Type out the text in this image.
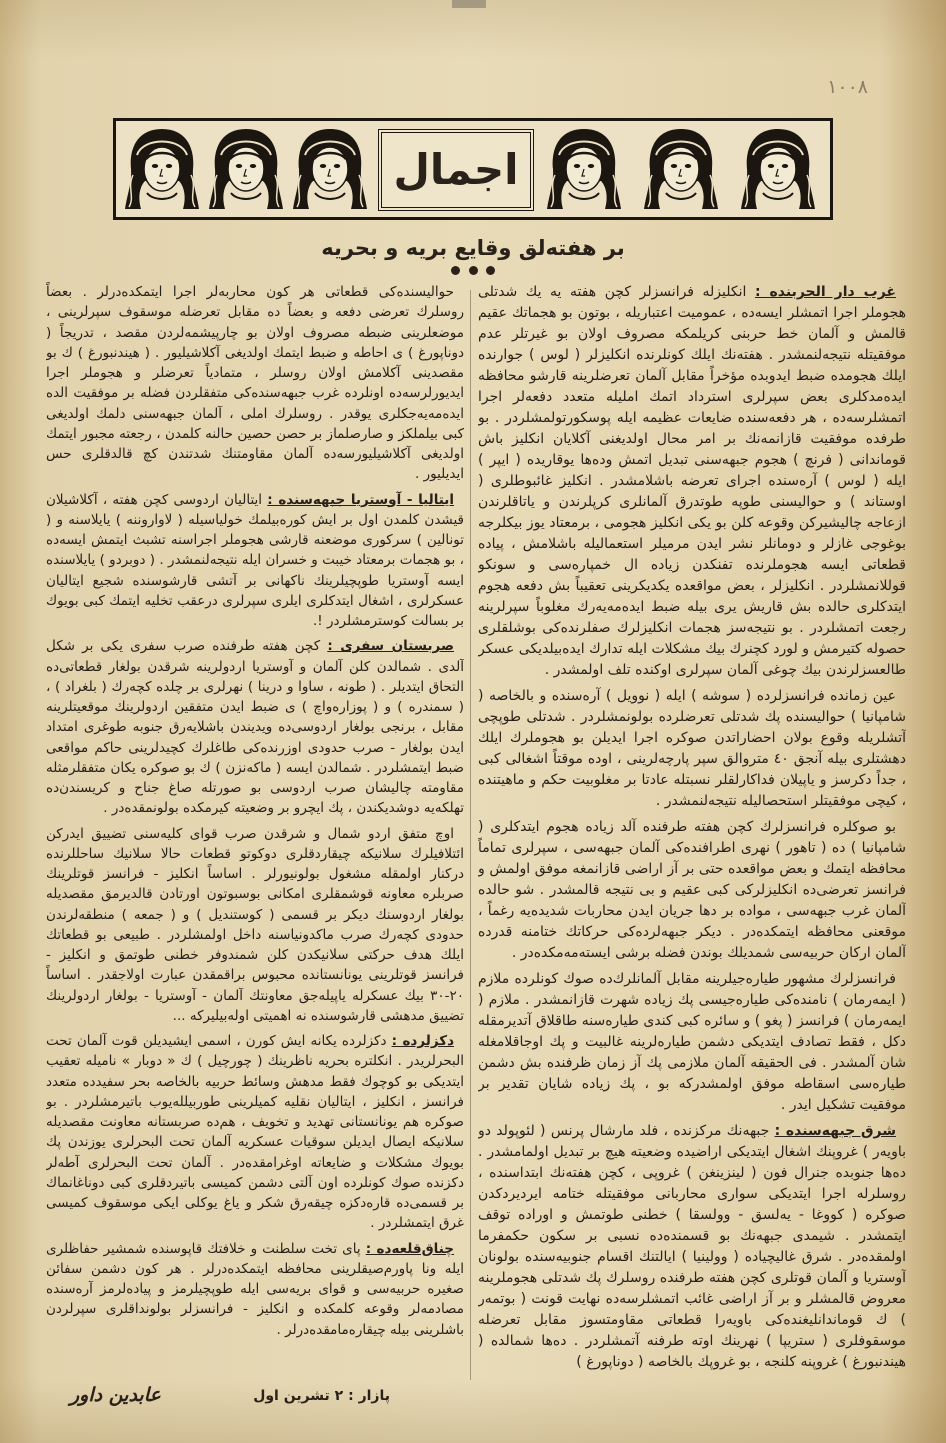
١٠٠٨
اجمال
بر هفته‌لق وقایع بریه و بحریه

غرب دار الحربنده : انكلیزله فرانسزلر كچن هفته یه یك شدتلی هجوملر اجرا اتمشلر ایسه‌ده ، عمومیت اعتباریله ، بوتون بو هجماتك عقیم قالمش و آلمان خط حربنی كریلمكه مصروف اولان بو غیرتلر عدم موفقیتله نتیجه‌لنمشدر . هفته‌نك ایلك كونلرنده انكلیزلر ( لوس ) جوارنده ایلك هجومده ضبط ایدوبده مؤخراً مقابل آلمان تعرضلرینه قارشو محافظه ایده‌مدكلری بعض سپرلری استرداد اتمك املیله متعدد دفعه‌لر اجرا اتمشلرسه‌ده ، هر دفعه‌سنده ضایعات عظیمه ایله پوسكورتولمشلردر . بو طرفده موفقیت قازانمه‌نك بر امر محال اولدیغنی آكلایان انكلیز باش قوماندانی ( فرنچ ) هجوم جبهه‌سنی تبدیل اتمش وده‌ها یوقاریده ( ایپر ) ایله ( لوس ) آره‌سنده اجرای تعرضه باشلامشدر . انكلیز غائبوطلری ( اوستاند ) و حوالیسنی طوپه طوتدرق آلمانلری كرپلرندن و یاتاقلرندن ازعاجه چالیشیركن وقوعه كلن بو یكی انكلیز هجومی ، برمعتاد یوز بیكلرجه بوغوجی غازلر و دومانلر نشر ایدن مرمیلر استعمالیله باشلامش ، پیاده قطعاتی ایسه هجوملرنده تفنكدن زیاده ال خمپاره‌سی و سونكو قوللانمشلردر . انكلیزلر ، بعض مواقعده یكدیكرینی تعقیباً بش دفعه هجوم ایتدكلری حالده بش قاریش یری بیله ضبط ایده‌مه‌یه‌رك مغلوباً سپرلرینه رجعت اتمشلردر . بو نتیجه‌سز هجمات انكلیزلرك صفلرنده‌كی بوشلقلری حصوله كتیرمش و لورد كچنرك بیك مشكلات ایله تدارك ایده‌بیلدیكی عسكر طالعسزلرندن بیك چوغی آلمان سپرلری اوكنده تلف اولمشدر .

عین زمانده فرانسزلرده ( سوشه ) ایله ( نوویل ) آره‌سنده و بالخاصه ( شامپانیا ) حوالیسنده پك شدتلی تعرضلرده بولونمشلردر . شدتلی طوپچی آتشلریله وقوع بولان احضاراتدن صوكره اجرا ایدیلن بو هجوملرك ایلك دهشتلری بیله آنجق ٤٠ متروالق سپر پارچه‌لرینی ، اوده موقتاً اشغالی كبی ، جداً دكرسز و یاپیلان فداكارلقلر نسبتله عادتا بر مغلوبیت حكم و ماهیتنده ، كیچی موفقیتلر استحصالیله نتیجه‌لنمشدر .

بو صوكلره فرانسزلرك كچن هفته طرفنده آلد زیاده هجوم ایتدكلری ( شامپانیا ) ده ( تاهور ) نهری اطرافنده‌كی آلمان جبهه‌سی ، سپرلری تماماً محافظه ایتمك و بعض مواقعده حتی بر آز اراضی قازانمغه موفق اولمش و فرانسز تعرضی‌ده انكلیزلركی كبی عقیم و بی نتیجه قالمشدر . شو حالده آلمان غرب جبهه‌سی ، مواده بر دها جریان ایدن محاربات شدیده‌یه رغماً ، موقعنی محافظه ایتمكده‌در . دیكر جبهه‌لرده‌كی حركاتك ختامنه قدرده آلمان اركان حربیه‌سی شمدیلك بوندن فضله برشی ایسته‌مه‌مكده‌در .

فرانسزلرك مشهور طیاره‌جیلرینه مقابل آلمانلرك‌ده صوك كونلرده ملازم ( ایمه‌رمان ) نامنده‌كی طیاره‌جیسی پك زیاده شهرت قازانمشدر . ملازم ( ایمه‌رمان ) فرانسز ( پغو ) و سائره كبی كندی طیاره‌سنه طاقلاق آتدیرمقله دكل ، فقط تصادف ایتدیكی دشمن طیاره‌لرینه غالبیت و پك اوجاقلامغله شان آلمشدر . فی الحقیقه آلمان ملازمی پك آز زمان ظرفنده بش دشمن طیاره‌سی اسقاطه موفق اولمشدركه بو ، پك زیاده شایان تقدیر بر موفقیت تشكیل ایدر .

شرق جبهه‌سنده : جبهه‌نك مركزنده ، فلد مارشال پرنس ( لئوپولد دو باویه‌ر ) غروپنك اشغال ایتدیكی اراضیده وضعیته هیچ بر تبدیل اولمامشدر . ده‌ها جنوبده جنرال فون ( لینزینغن ) غروپی ، كچن هفته‌نك ابتداسنده ، روسلرله اجرا ایتدیكی سواری محاربانی موفقیتله ختامه ایردیردكدن صوكره ( كووغا - یه‌لسق - وولسقا ) خطنی طوتمش و اوراده توقف ایتمشدر . شیمدی جبهه‌نك بو قسمنده‌ده نسبی بر سكون حكمفرما اولمقده‌در . شرق غالیچیاده ( وولینیا ) ایالتنك اقسام جنوبیه‌سنده بولونان آوستریا و آلمان قوتلری كچن هفته طرفنده روسلرك پك شدتلی هجوملرینه معروض قالمشلر و بر آز اراضی غائب اتمشلرسه‌ده نهایت قونت ( بوتمه‌ر ) ك قوماندانلیغنده‌كی باویه‌را قطعاتی مقاومتسوز مقابل تعرضله موسقوفلری ( ستریپا ) نهرینك اوته طرفنه آتمشلردر . ده‌ها شمالده ( هیندنبورغ ) غروپنه كلنجه ، بو غروپك بالخاصه ( دوناپورغ )

حوالیسنده‌كی قطعاتی هر كون محاربه‌لر اجرا ایتمكده‌درلر . بعضاً روسلرك تعرضی دفعه و بعضاً ده مقابل تعرضله موسقوف سپرلرینی ، موضعلرینی ضبطه مصروف اولان بو چارپیشمه‌لردن مقصد ، تدریجاً ( دوناپورغ ) ی احاطه و ضبط ایتمك اولدیغی آكلاشیلیور . ( هیندنبورغ ) ك بو مقصدینی آكلامش اولان روسلر ، متمادیاً تعرضلر و هجوملر اجرا ایدیورلرسه‌ده اونلرده غرب جبهه‌سنده‌كی متفقلردن فضله بر موفقیت الده ایده‌مه‌یه‌جكلری یوقدر . روسلرك املی ، آلمان جبهه‌سنی دلمك اولدیغی كبی بیلملكز و صارصلماز بر حصن حصین حالنه كلمدن ، رجعته مجبور ایتمك اولدیغی آكلاشیلیورسه‌ده آلمان مقاومتنك شدتندن كچ قالدقلری حس ایدیلیور .

ایتالیا - آوستریا جبهه‌سنده : ایتالیان اردوسی كچن هفته ، آكلاشیلان قیشدن كلمدن اول بر ایش كوره‌بیلمك خولیاسیله ( لاواروننه ) یایلاسنه و ( تونالین ) سركوری موضعنه قارشی هجوملر اجراسنه تشبث ایتمش ایسه‌ده ، بو هجمات برمعتاد خیبت و خسران ایله نتیجه‌لنمشدر . ( دوبردو ) یایلاسنده ایسه آوستریا طوپچیلرینك ناكهانی بر آتشی قارشوسنده شجیع ایتالیان عسكرلری ، اشغال ایتدكلری ایلری سپرلری درعقب تخلیه ایتمك كبی بویوك بر بسالت كوسترمشلردر !.

صربستان سفری : كچن هفته طرفنده صرب سفری یكی بر شكل آلدی . شمالدن كلن آلمان و آوستریا اردولرینه شرقدن بولغار قطعاتی‌ده التحاق ایتدیلر . ( طونه ، ساوا و درینا ) نهرلری بر چلده كچه‌رك ( بلغراد ) ، ( سمندره ) و ( پوزاره‌واچ ) ی ضبط ایدن متفقین اردولرینك موقعیتلرینه مقابل ، برنجی بولغار اردوسی‌ده ویدیندن باشلایه‌رق جنوبه طوغری امتداد ایدن بولغار - صرب حدودی اوزرنده‌كی طاغلرك كچیدلرینی حاكم مواقعی ضبط ایتمشلردر . شمالدن ایسه ( ماكه‌نزن ) ك بو صوكره یكان متفقلرمثله مقاومته چالیشان صرب اردوسی بو صورتله صاغ جناح و كریسندن‌ده تهلكه‌یه دوشدیكندن ، پك ایچرو بر وضعیته كیرمكده بولونمقده‌در .

اوچ متفق اردو شمال و شرقدن صرب قوای كلیه‌سنی تضییق ایدركن ائتلافیلرك سلانیكه چیقاردقلری دوكوتو قطعات حالا سلانیك ساحللرنده دركنار اولمقله مشغول بولونیورلر . اساساً انكلیز - فرانسز قوتلرینك صربلره معاونه قوشمقلری امكانی بوسبوتون اورتادن قالدیرمق مقصدیله بولغار اردوسنك دیكر بر قسمی ( كوستندیل ) و ( جمعه ) منطقه‌لرندن حدودی كچه‌رك صرب ماكدونیاسنه داخل اولمشلردر . طبیعی بو قطعاتك ایلك هدف حركتی سلانیكدن كلن شمندوفر خطنی طوتمق و انكلیز - فرانسز قوتلرینی یونانستانده محبوس براقمقدن عبارت اولاجقدر . اساساً ٢٠-٣٠ بیك عسكرله یاپیله‌جق معاونتك آلمان - آوستریا - بولغار اردولرینك تضییق مدهشی قارشوسنده نه اهمیتی اوله‌بیلیركه ...

دكزلرده : دكزلرده یكانه ایش كورن ، اسمی ایشیدیلن قوت آلمان تحت البحرلریدر . انكلتره بحریه ناظرینك ( چورچیل ) ك « دوبار » نامیله تعقیب ایتدیكی بو كوچوك فقط مدهش وسائط حربیه بالخاصه بحر سفیدده متعدد فرانسز ، انكلیز ، ایتالیان نقلیه كمیلرینی طوربیلله‌یوب باتیرمشلردر . بو صوكره هم یونانستانی تهدید و تخویف ، هم‌ده صربستانه معاونت مقصدیله سلانیكه ایصال ایدیلن سوقیات عسكریه آلمان تحت البحرلری یوزندن پك بویوك مشكلات و ضایعاته اوغرامقده‌در . آلمان تحت البحرلری آطه‌لر دكزنده صوك كونلرده اون آلتی دشمن كمیسی باتیردقلری كبی دوناغانماك بر قسمی‌ده قاره‌دكزه چیقه‌رق شكر و یاغ یوكلی ایكی موسقوف كمیسی غرق ایتمشلردر .

چناق‌قلعه‌ده : پای تخت سلطنت و خلافتك قاپوسنده شمشیر حفاظلری ایله ونا پاورم‌صیقلرینی محافظه ایتمكده‌درلر . هر كون دشمن سفائن صغیره حربیه‌سی و قوای بریه‌سی ایله طوپچیلرمز و پیاده‌لرمز آره‌سنده مصادمه‌لر وقوعه كلمكده و انكلیز - فرانسزلر بولونداقلری سپرلردن باشلرینی بیله چیقاره‌مامقده‌درلر .

پازار : ٢ تشرین اول
عابدین داور
